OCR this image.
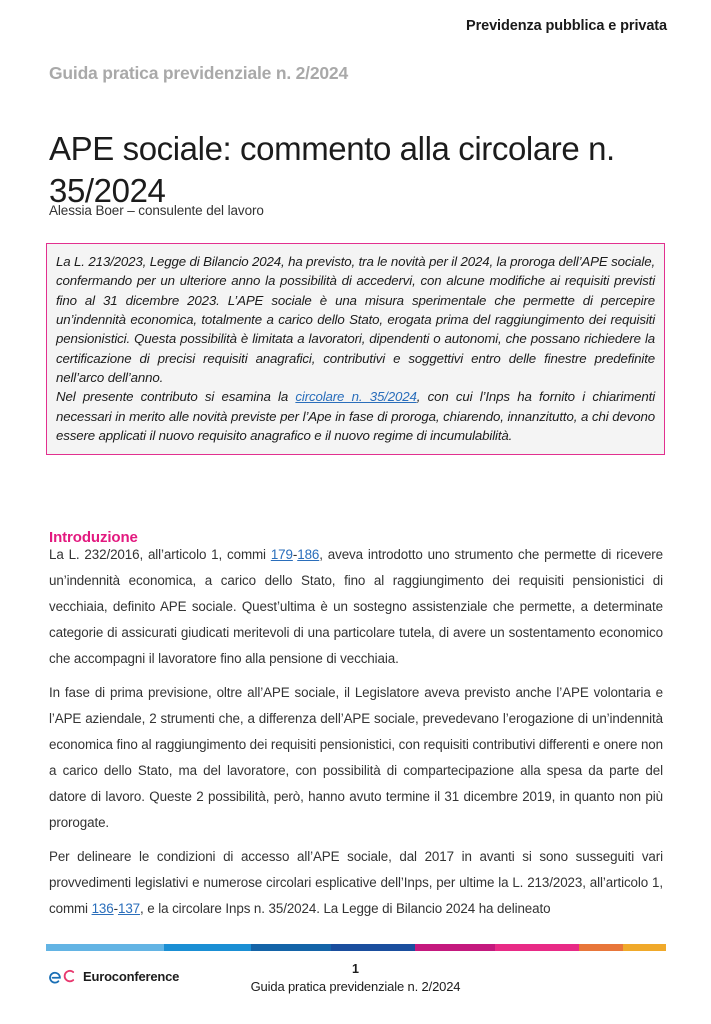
Previdenza pubblica e privata
Guida pratica previdenziale n. 2/2024
APE sociale: commento alla circolare n. 35/2024
Alessia Boer – consulente del lavoro

La L. 213/2023, Legge di Bilancio 2024, ha previsto, tra le novità per il 2024, la proroga dell’APE sociale, confermando per un ulteriore anno la possibilità di accedervi, con alcune modifiche ai requisiti previsti fino al 31 dicembre 2023. L’APE sociale è una misura sperimentale che permette di percepire un’indennità economica, totalmente a carico dello Stato, erogata prima del raggiungimento dei requisiti pensionistici. Questa possibilità è limitata a lavoratori, dipendenti o autonomi, che possano richiedere la certificazione di precisi requisiti anagrafici, contributivi e soggettivi entro delle finestre predefinite nell’arco dell’anno.

Nel presente contributo si esamina la circolare n. 35/2024, con cui l’Inps ha fornito i chiarimenti necessari in merito alle novità previste per l’Ape in fase di proroga, chiarendo, innanzitutto, a chi devono essere applicati il nuovo requisito anagrafico e il nuovo regime di incumulabilità.

Introduzione

La L. 232/2016, all’articolo 1, commi 179-186, aveva introdotto uno strumento che permette di ricevere un’indennità economica, a carico dello Stato, fino al raggiungimento dei requisiti pensionistici di vecchiaia, definito APE sociale. Quest’ultima è un sostegno assistenziale che permette, a determinate categorie di assicurati giudicati meritevoli di una particolare tutela, di avere un sostentamento economico che accompagni il lavoratore fino alla pensione di vecchiaia.

In fase di prima previsione, oltre all’APE sociale, il Legislatore aveva previsto anche l’APE volontaria e l’APE aziendale, 2 strumenti che, a differenza dell’APE sociale, prevedevano l’erogazione di un’indennità economica fino al raggiungimento dei requisiti pensionistici, con requisiti contributivi differenti e onere non a carico dello Stato, ma del lavoratore, con possibilità di compartecipazione alla spesa da parte del datore di lavoro. Queste 2 possibilità, però, hanno avuto termine il 31 dicembre 2019, in quanto non più prorogate.

Per delineare le condizioni di accesso all’APE sociale, dal 2017 in avanti si sono susseguiti vari provvedimenti legislativi e numerose circolari esplicative dell’Inps, per ultime la L. 213/2023, all’articolo 1, commi 136-137, e la circolare Inps n. 35/2024. La Legge di Bilancio 2024 ha delineato

Euroconference	1
Guida pratica previdenziale n. 2/2024
